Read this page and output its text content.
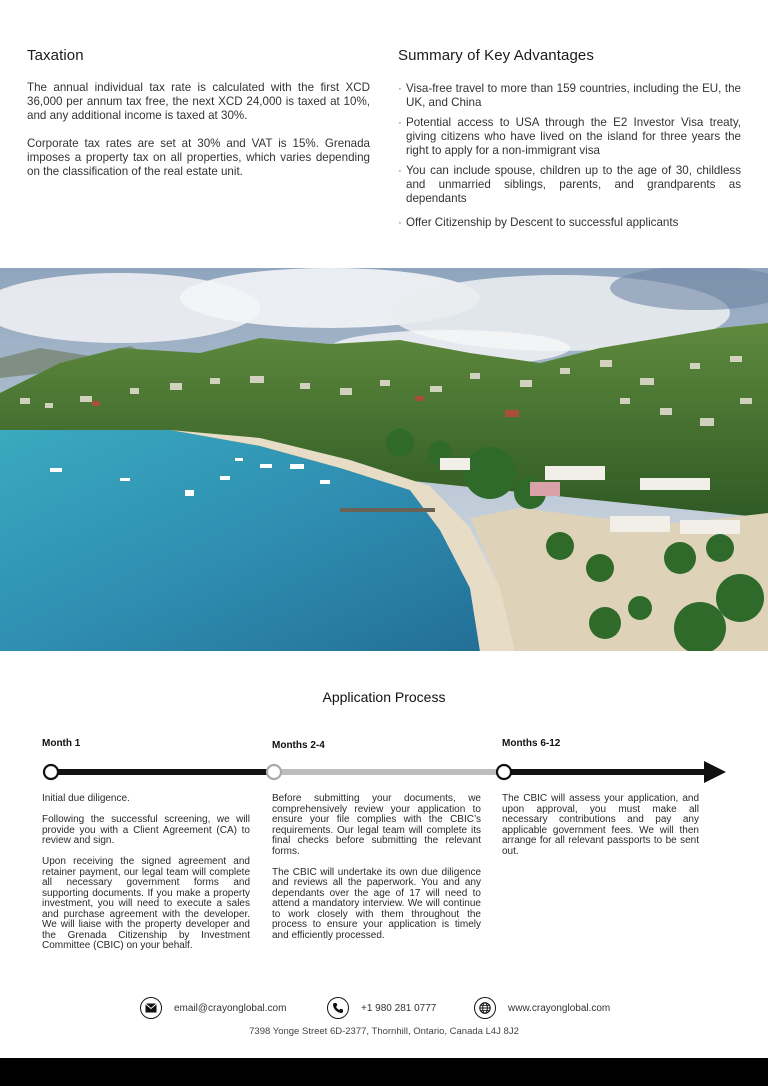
Taxation

The annual individual tax rate is calculated with the first XCD 36,000 per annum tax free, the next XCD 24,000 is taxed at 10%, and any additional income is taxed at 30%.

Corporate tax rates are set at 30% and VAT is 15%. Grenada imposes a property tax on all properties, which varies depending on the classification of the real estate unit.

Summary of Key Advantages
· Visa-free travel to more than 159 countries, including the EU, the UK, and China
· Potential access to USA through the E2 Investor Visa treaty, giving citizens who have lived on the island for three years the right to apply for a non-immigrant visa
· You can include spouse, children up to the age of 30, childless and unmarried siblings, parents, and grandparents as dependants
· Offer Citizenship by Descent to successful applicants
Application Process
Month 1	Months 2-4	Months 6-12

Initial due diligence.

Following the successful screening, we will provide you with a Client Agreement (CA) to review and sign.

Upon receiving the signed agreement and retainer payment, our legal team will complete all necessary government forms and supporting documents. If you make a property investment, you will need to execute a sales and purchase agreement with the developer. We will liaise with the property developer and the Grenada Citizenship by Investment Committee (CBIC) on your behalf.

Before submitting your documents, we comprehensively review your application to ensure your file complies with the CBIC’s requirements. Our legal team will complete its final checks before submitting the relevant forms.

The CBIC will undertake its own due diligence and reviews all the paperwork. You and any dependants over the age of 17 will need to attend a mandatory interview. We will continue to work closely with them throughout the process to ensure your application is timely and efficiently processed.

The CBIC will assess your application, and upon approval, you must make all necessary contributions and pay any applicable government fees. We will then arrange for all relevant passports to be sent out.

email@crayonglobal.com	+1 980 281 0777	www.crayonglobal.com
7398 Yonge Street 6D-2377, Thornhill, Ontario, Canada L4J 8J2
